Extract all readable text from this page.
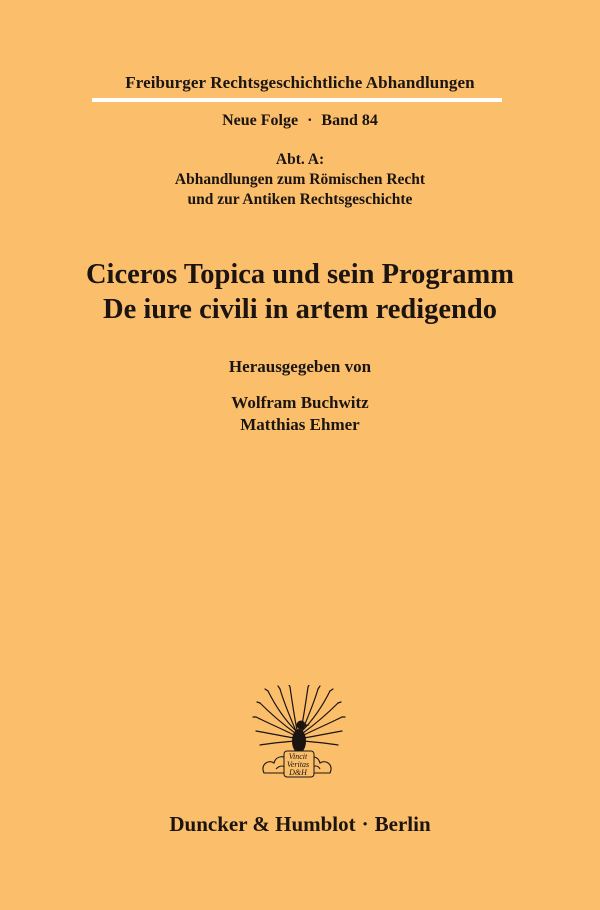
Freiburger Rechtsgeschichtliche Abhandlungen
Neue Folge · Band 84
Abt. A:
Abhandlungen zum Römischen Recht
und zur Antiken Rechtsgeschichte
Ciceros Topica und sein Programm
De iure civili in artem redigendo
Herausgegeben von
Wolfram Buchwitz
Matthias Ehmer
Vincit
Veritas
D&H
Duncker & Humblot · Berlin
